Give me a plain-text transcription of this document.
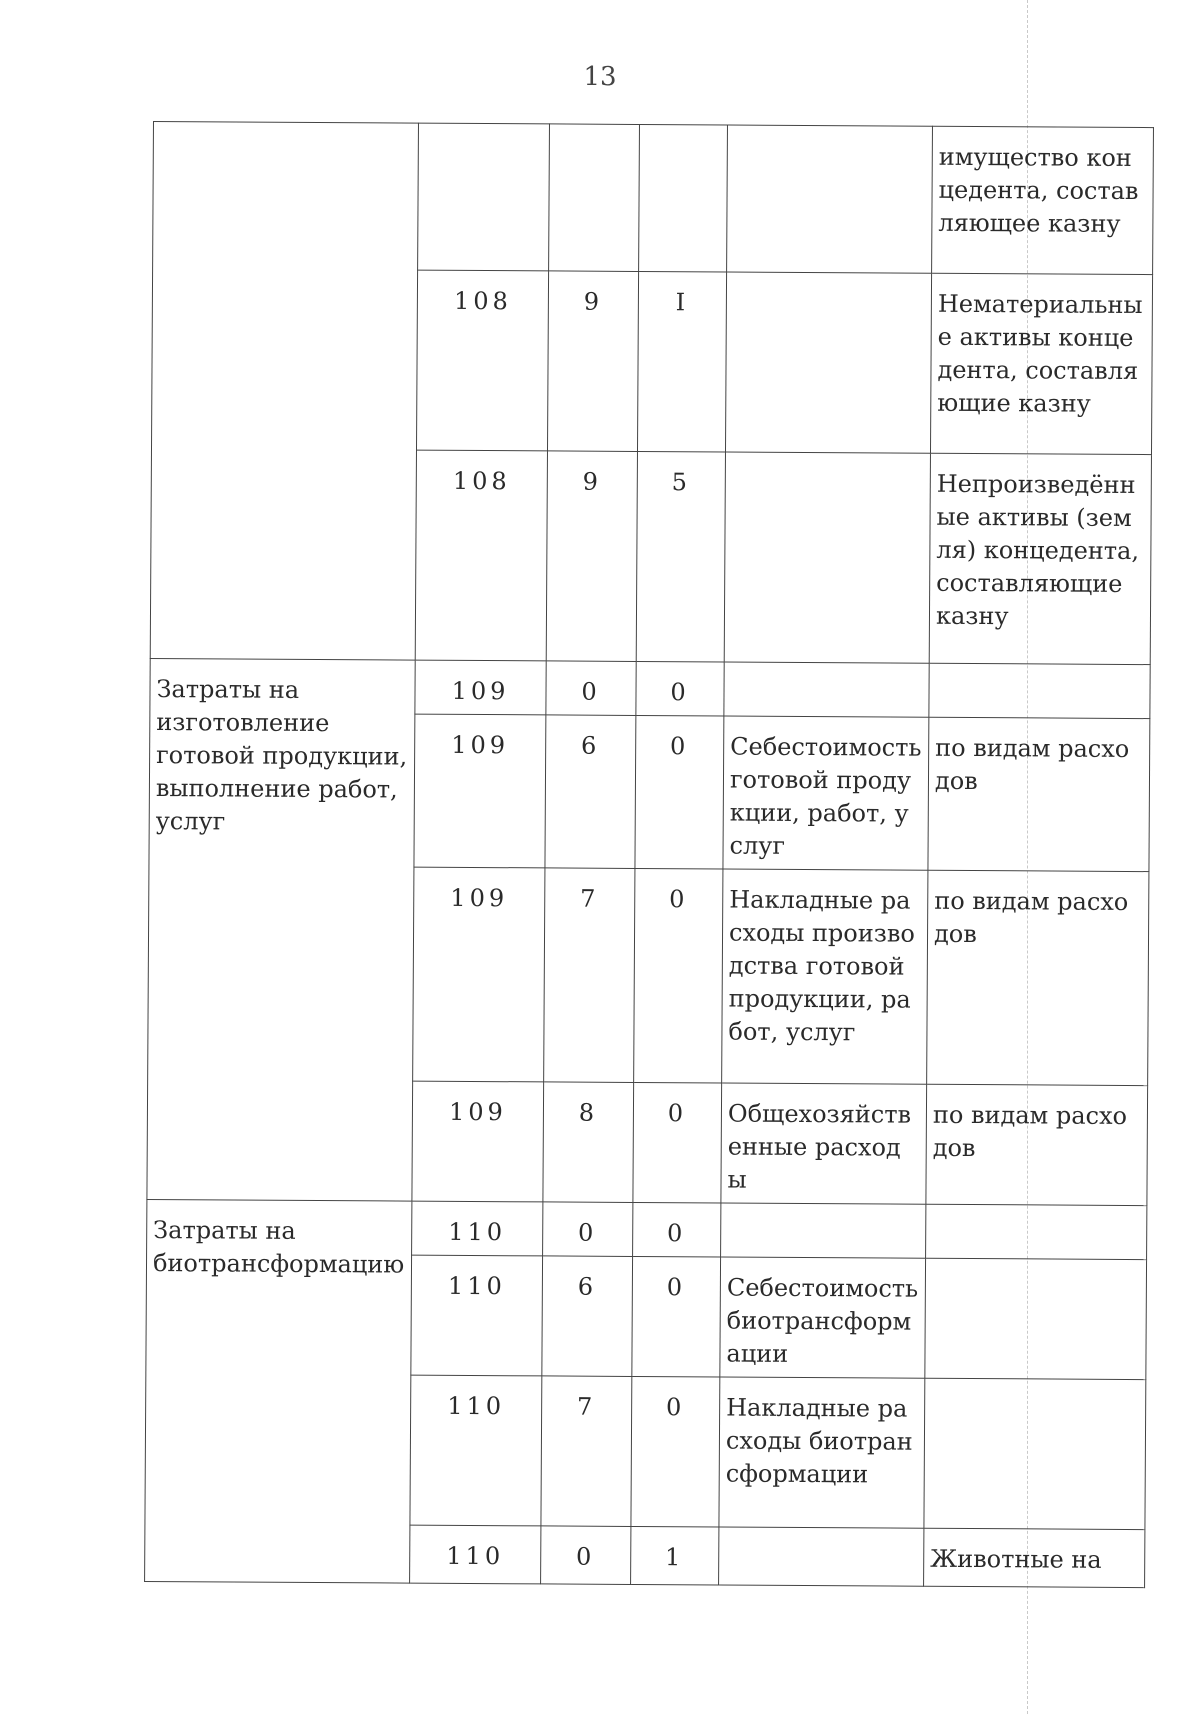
13
					имущество концедента, составляющее казну
	108	9	I		Нематериальные активы концедента, составляющие казну
	108	9	5		Непроизведённые активы (земля) концедента, составляющие казну
Затраты на изготовление готовой продукции, выполнение работ, услуг	109	0	0		
	109	6	0	Себестоимость готовой продукции, работ, услуг	по видам расходов
	109	7	0	Накладные расходы производства готовой продукции, работ, услуг	по видам расходов
	109	8	0	Общехозяйственные расходы	по видам расходов
Затраты на биотрансформацию	110	0	0		
	110	6	0	Себестоимость биотрансформации	
	110	7	0	Накладные расходы биотрансформации	
	110	0	1		Животные на
